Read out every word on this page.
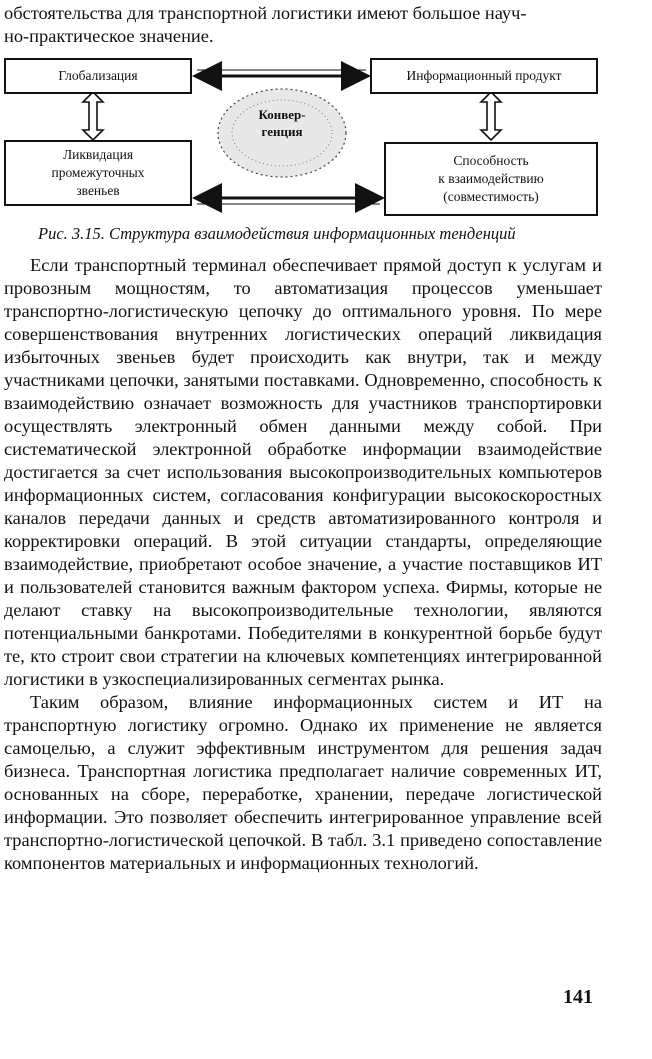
обстоятельства для транспортной логистики имеют большое науч-

но-практическое значение.

Глобализация	Информационный продукт
Ликвидация
промежуточных
звеньев
Способность
к взаимодействию
(совместимость)
Конвер-
генция
Рис. 3.15. Структура взаимодействия информационных тенденций

Если транспортный терминал обеспечивает прямой доступ к услугам и провозным мощностям, то автоматизация процессов уменьшает транспортно-логистическую цепочку до оптимального уровня. По мере совершенствования внутренних логистических операций ликвидация избыточных звеньев будет происходить как внутри, так и между участниками цепочки, занятыми поставками. Одновременно, способность к взаимодействию означает возможность для участников транспортировки осуществлять электронный обмен данными между собой. При систематической электронной обработке информации взаимодействие достигается за счет использования высокопроизводительных компьютеров информационных систем, согласования конфигурации высокоскоростных каналов передачи данных и средств автоматизированного контроля и корректировки операций. В этой ситуации стандарты, определяющие взаимодействие, приобретают особое значение, а участие поставщиков ИТ и пользователей становится важным фактором успеха. Фирмы, которые не делают ставку на высокопроизводительные технологии, являются потенциальными банкротами. Победителями в конкурентной борьбе будут те, кто строит свои стратегии на ключевых компетенциях интегрированной логистики в узкоспециализированных сегментах рынка.

Таким образом, влияние информационных систем и ИТ на транспортную логистику огромно. Однако их применение не является самоцелью, а служит эффективным инструментом для решения задач бизнеса. Транспортная логистика предполагает наличие современных ИТ, основанных на сборе, переработке, хранении, передаче логистической информации. Это позволяет обеспечить интегрированное управление всей транспортно-логистической цепочкой. В табл. 3.1 приведено сопоставление компонентов материальных и информационных технологий.

141
